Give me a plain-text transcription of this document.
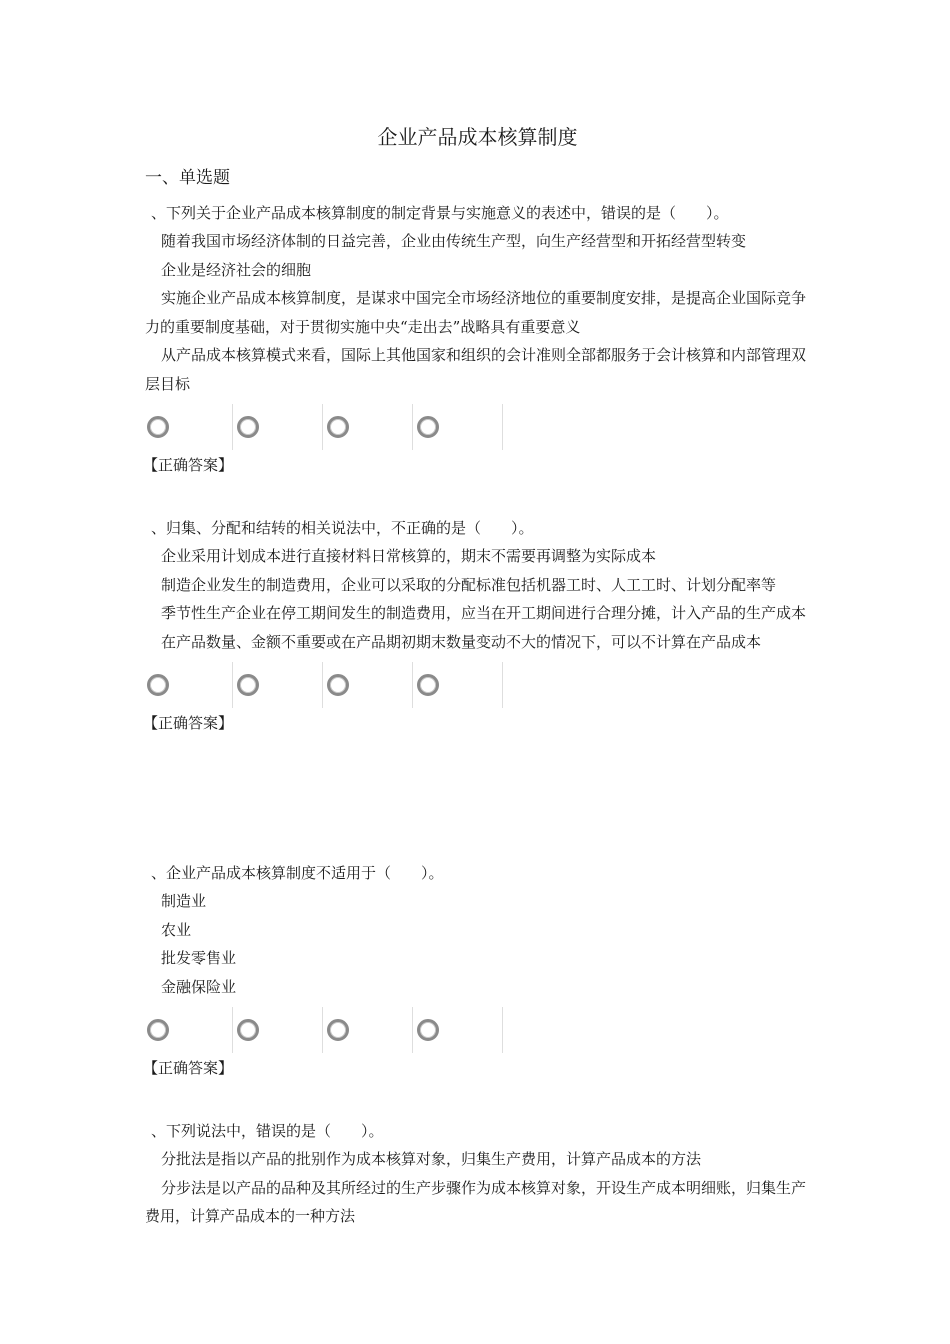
企业产品成本核算制度
一、单选题
、下列关于企业产品成本核算制度的制定背景与实施意义的表述中，错误的是（　　）。

随着我国市场经济体制的日益完善，企业由传统生产型，向生产经营型和开拓经营型转变

企业是经济社会的细胞

实施企业产品成本核算制度，是谋求中国完全市场经济地位的重要制度安排，是提高企业国际竞争力的重要制度基础，对于贯彻实施中央“走出去”战略具有重要意义

从产品成本核算模式来看，国际上其他国家和组织的会计准则全部都服务于会计核算和内部管理双层目标

【正确答案】
、归集、分配和结转的相关说法中，不正确的是（　　）。

企业采用计划成本进行直接材料日常核算的，期末不需要再调整为实际成本

制造企业发生的制造费用，企业可以采取的分配标准包括机器工时、人工工时、计划分配率等

季节性生产企业在停工期间发生的制造费用，应当在开工期间进行合理分摊，计入产品的生产成本

在产品数量、金额不重要或在产品期初期末数量变动不大的情况下，可以不计算在产品成本

【正确答案】
、企业产品成本核算制度不适用于（　　）。

制造业

农业

批发零售业

金融保险业

【正确答案】
、下列说法中，错误的是（　　）。

分批法是指以产品的批别作为成本核算对象，归集生产费用，计算产品成本的方法

分步法是以产品的品种及其所经过的生产步骤作为成本核算对象，开设生产成本明细账，归集生产费用，计算产品成本的一种方法
